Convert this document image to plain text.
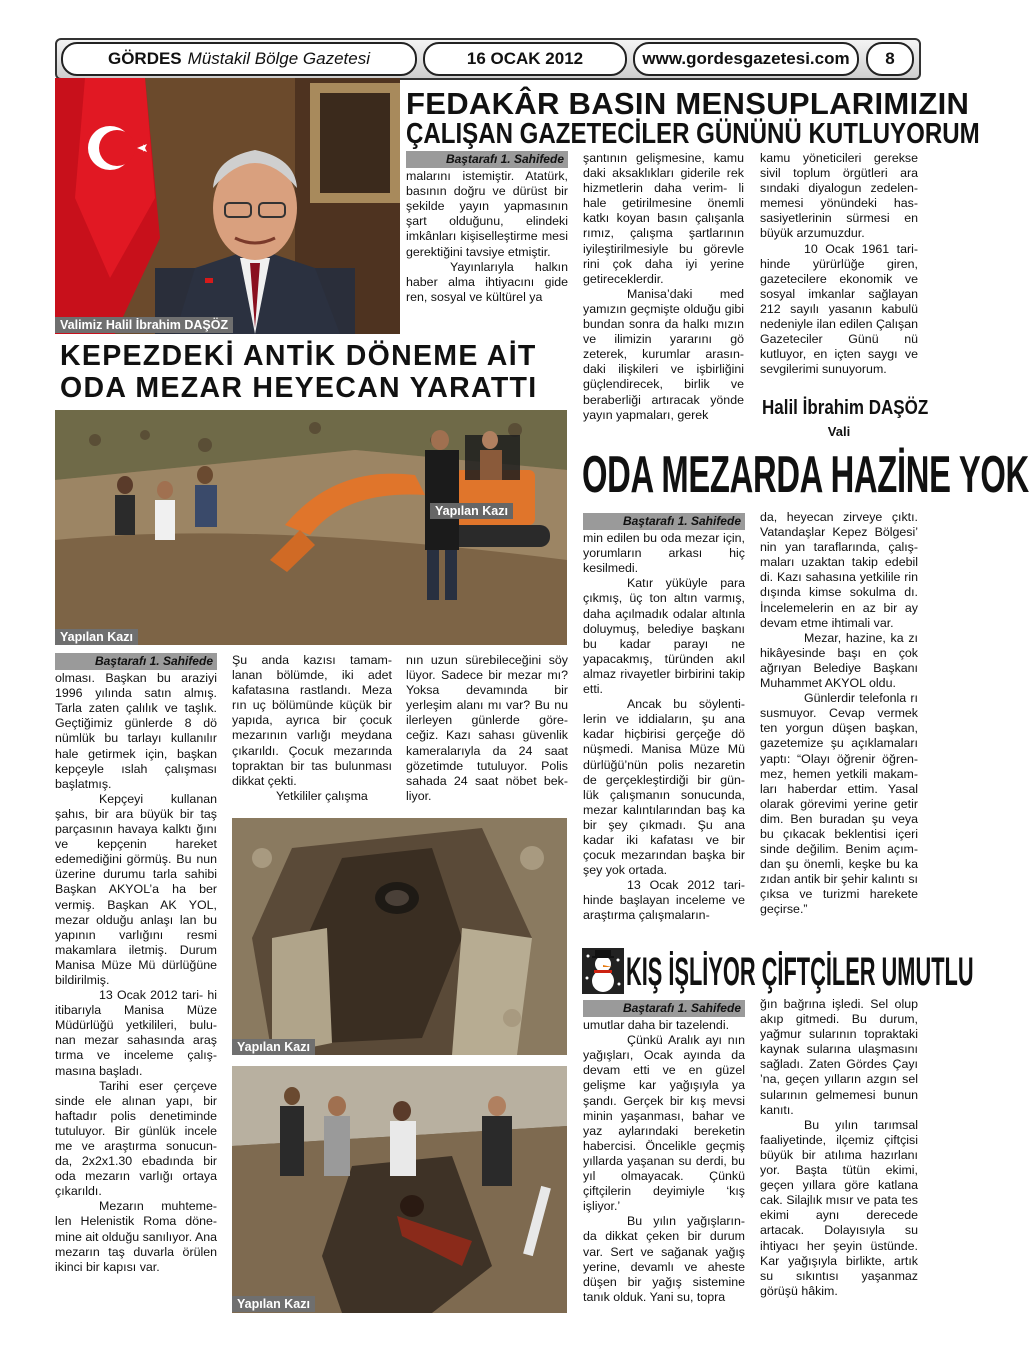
GÖRDES Müstakil Bölge Gazetesi	16 OCAK 2012	www.gordesgazetesi.com	8
Valimiz Halil İbrahim DAŞÖZ
FEDAKÂR BASIN MENSUPLARIMIZIN
ÇALIŞAN GAZETECİLER GÜNÜNÜ KUTLUYORUM
Baştarafı 1. Sahifede

malarını istemiştir. Atatürk, basının doğru ve dürüst bir şekilde yayın yapmasının şart olduğunu, elindeki imkânları kişiselleştirme mesi gerektiğini tavsiye etmiştir.

Yayınlarıyla halkın haber alma ihtiyacını gide ren, sosyal ve kültürel ya

şantının gelişmesine, kamu daki aksaklıkları giderile rek hizmetlerin daha verim- li hale getirilmesine önemli katkı koyan basın çalışanla rımız, çalışma şartlarının iyileştirilmesiyle bu görevle rini çok daha iyi yerine getireceklerdir.

Manisa’daki med yamızın geçmişte olduğu gibi bundan sonra da halkı mızın ve ilimizin yararını gö zeterek, kurumlar arasın- daki ilişkileri ve işbirliğini güçlendirecek, birlik ve beraberliği artıracak yönde yayın yapmaları, gerek

kamu yöneticileri gerekse sivil toplum örgütleri ara sındaki diyalogun zedelen- memesi yönündeki has- sasiyetlerinin sürmesi en büyük arzumuzdur.

10 Ocak 1961 tari- hinde yürürlüğe giren, gazetecilere ekonomik ve sosyal imkanlar sağlayan 212 sayılı yasanın kabulü nedeniyle ilan edilen Çalışan Gazeteciler Günü nü kutluyor, en içten saygı ve sevgilerimi sunuyorum.

Halil İbrahim DAŞÖZ
Vali
KEPEZDEKİ ANTİK DÖNEME AİT
ODA MEZAR HEYECAN YARATTI
Yapılan Kazı
Yapılan Kazı
Baştarafı 1. Sahifede

olması. Başkan bu araziyi 1996 yılında satın almış. Tarla zaten çalılık ve taşlık. Geçtiğimiz günlerde 8 dö nümlük bu tarlayı kullanılır hale getirmek için, başkan kepçeyle ıslah çalışması başlatmış.

Kepçeyi kullanan şahıs, bir ara büyük bir taş parçasının havaya kalktı ğını ve kepçenin hareket edemediğini görmüş. Bu nun üzerine durumu tarla sahibi Başkan AKYOL’a ha ber vermiş. Başkan AK YOL, mezar olduğu anlaşı lan bu yapının varlığını resmi makamlara iletmiş. Durum Manisa Müze Mü dürlüğüne bildirilmiş.

13 Ocak 2012 tari- hi itibarıyla Manisa Müze Müdürlüğü yetkilileri, bulu- nan mezar sahasında araş tırma ve inceleme çalış- masına başladı.

Tarihi eser çerçeve sinde ele alınan yapı, bir haftadır polis denetiminde tutuluyor. Bir günlük incele me ve araştırma sonucun- da, 2x2x1.30 ebadında bir oda mezarın varlığı ortaya çıkarıldı.

Mezarın muhteme- len Helenistik Roma döne- mine ait olduğu sanılıyor. Ana mezarın taş duvarla örülen ikinci bir kapısı var.

Şu anda kazısı tamam- lanan bölümde, iki adet kafatasına rastlandı. Meza rın uç bölümünde küçük bir yapıda, ayrıca bir çocuk mezarının varlığı meydana çıkarıldı. Çocuk mezarında topraktan bir tas bulunması dikkat çekti.

Yetkililer çalışma

nın uzun sürebileceğini söy lüyor. Sadece bir mezar mı? Yoksa devamında bir yerleşim alanı mı var? Bu nu ilerleyen günlerde göre- ceğiz. Kazı sahası güvenlik kameralarıyla da 24 saat gözetimde tutuluyor. Polis sahada 24 saat nöbet bek- liyor.

Yapılan Kazı
Yapılan Kazı
ODA MEZARDA HAZİNE YOK
Baştarafı 1. Sahifede

min edilen bu oda mezar için, yorumların arkası hiç kesilmedi.

Katır yüküyle para çıkmış, üç ton altın varmış, daha açılmadık odalar altınla doluymuş, belediye başkanı bu kadar parayı ne yapacakmış, türünden akıl almaz rivayetler birbirini takip etti.

Ancak bu söylenti- lerin ve iddiaların, şu ana kadar hiçbirisi gerçeğe dö nüşmedi. Manisa Müze Mü dürlüğü’nün polis nezaretin de gerçekleştirdiği bir gün- lük çalışmanın sonucunda, mezar kalıntılarından baş ka bir şey çıkmadı. Şu ana kadar iki kafatası ve bir çocuk mezarından başka bir şey yok ortada.

13 Ocak 2012 tari- hinde başlayan inceleme ve araştırma çalışmaların-

da, heyecan zirveye çıktı. Vatandaşlar Kepez Bölgesi’ nin yan taraflarında, çalış- maları uzaktan takip edebil di. Kazı sahasına yetkilile rin dışında kimse sokulma dı. İncelemelerin en az bir ay devam etme ihtimali var.

Mezar, hazine, ka zı hikâyesinde başı en çok ağrıyan Belediye Başkanı Muhammet AKYOL oldu.

Günlerdir telefonla rı susmuyor. Cevap vermek ten yorgun düşen başkan, gazetemize şu açıklamaları yaptı: “Olayı öğrenir öğren- mez, hemen yetkili makam- ları haberdar ettim. Yasal olarak görevimi yerine getir dim. Ben buradan şu veya bu çıkacak beklentisi içeri sinde değilim. Benim açım- dan şu önemli, keşke bu ka zıdan antik bir şehir kalıntı sı çıksa ve turizmi harekete geçirse.”

KIŞ İŞLİYOR ÇİFTÇİLER UMUTLU
Baştarafı 1. Sahifede

umutlar daha bir tazelendi.

Çünkü Aralık ayı nın yağışları, Ocak ayında da devam etti ve en güzel gelişme kar yağışıyla ya şandı. Gerçek bir kış mevsi minin yaşanması, bahar ve yaz aylarındaki bereketin habercisi. Öncelikle geçmiş yıllarda yaşanan su derdi, bu yıl olmayacak. Çünkü çiftçilerin deyimiyle ‘kış işliyor.’

Bu yılın yağışların- da dikkat çeken bir durum var. Sert ve sağanak yağış yerine, devamlı ve aheste düşen bir yağış sistemine tanık olduk. Yani su, topra

ğın bağrına işledi. Sel olup akıp gitmedi. Bu durum, yağmur sularının topraktaki kaynak sularına ulaşmasını sağladı. Zaten Gördes Çayı ’na, geçen yılların azgın sel sularının gelmemesi bunun kanıtı.

Bu yılın tarımsal faaliyetinde, ilçemiz çiftçisi büyük bir atılıma hazırlanı yor. Başta tütün ekimi, geçen yıllara göre katlana cak. Silajlık mısır ve pata tes ekimi aynı derecede artacak. Dolayısıyla su ihtiyacı her şeyin üstünde. Kar yağışıyla birlikte, artık su sıkıntısı yaşanmaz görüşü hâkim.
